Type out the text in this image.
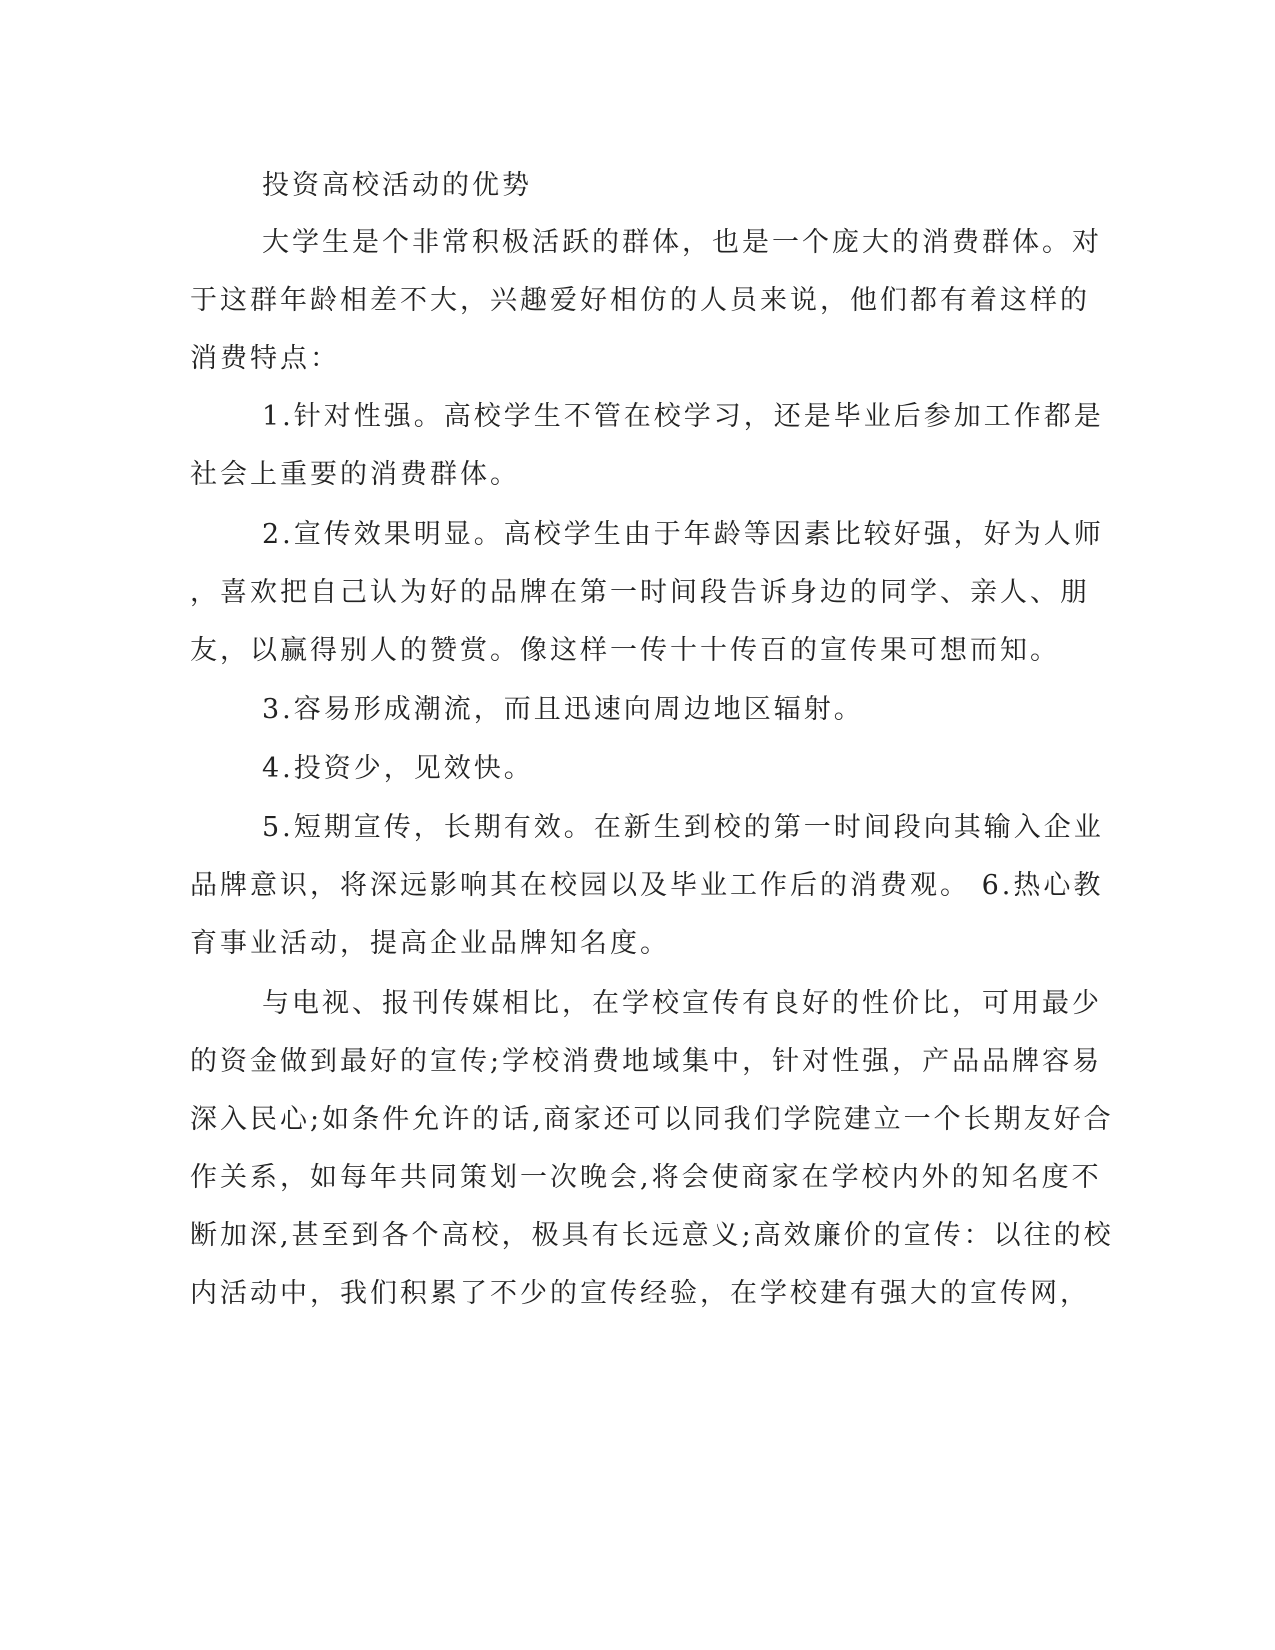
投资高校活动的优势

大学生是个非常积极活跃的群体，也是一个庞大的消费群体。对

于这群年龄相差不大，兴趣爱好相仿的人员来说，他们都有着这样的

消费特点：

1.针对性强。高校学生不管在校学习，还是毕业后参加工作都是

社会上重要的消费群体。

2.宣传效果明显。高校学生由于年龄等因素比较好强，好为人师

，喜欢把自己认为好的品牌在第一时间段告诉身边的同学、亲人、朋

友，以赢得别人的赞赏。像这样一传十十传百的宣传果可想而知。

3.容易形成潮流，而且迅速向周边地区辐射。

4.投资少，见效快。

5.短期宣传，长期有效。在新生到校的第一时间段向其输入企业

品牌意识，将深远影响其在校园以及毕业工作后的消费观。 6.热心教

育事业活动，提高企业品牌知名度。

与电视、报刊传媒相比，在学校宣传有良好的性价比，可用最少

的资金做到最好的宣传;学校消费地域集中，针对性强，产品品牌容易

深入民心;如条件允许的话,商家还可以同我们学院建立一个长期友好合

作关系，如每年共同策划一次晚会,将会使商家在学校内外的知名度不

断加深,甚至到各个高校，极具有长远意义;高效廉价的宣传：以往的校

内活动中，我们积累了不少的宣传经验，在学校建有强大的宣传网，
